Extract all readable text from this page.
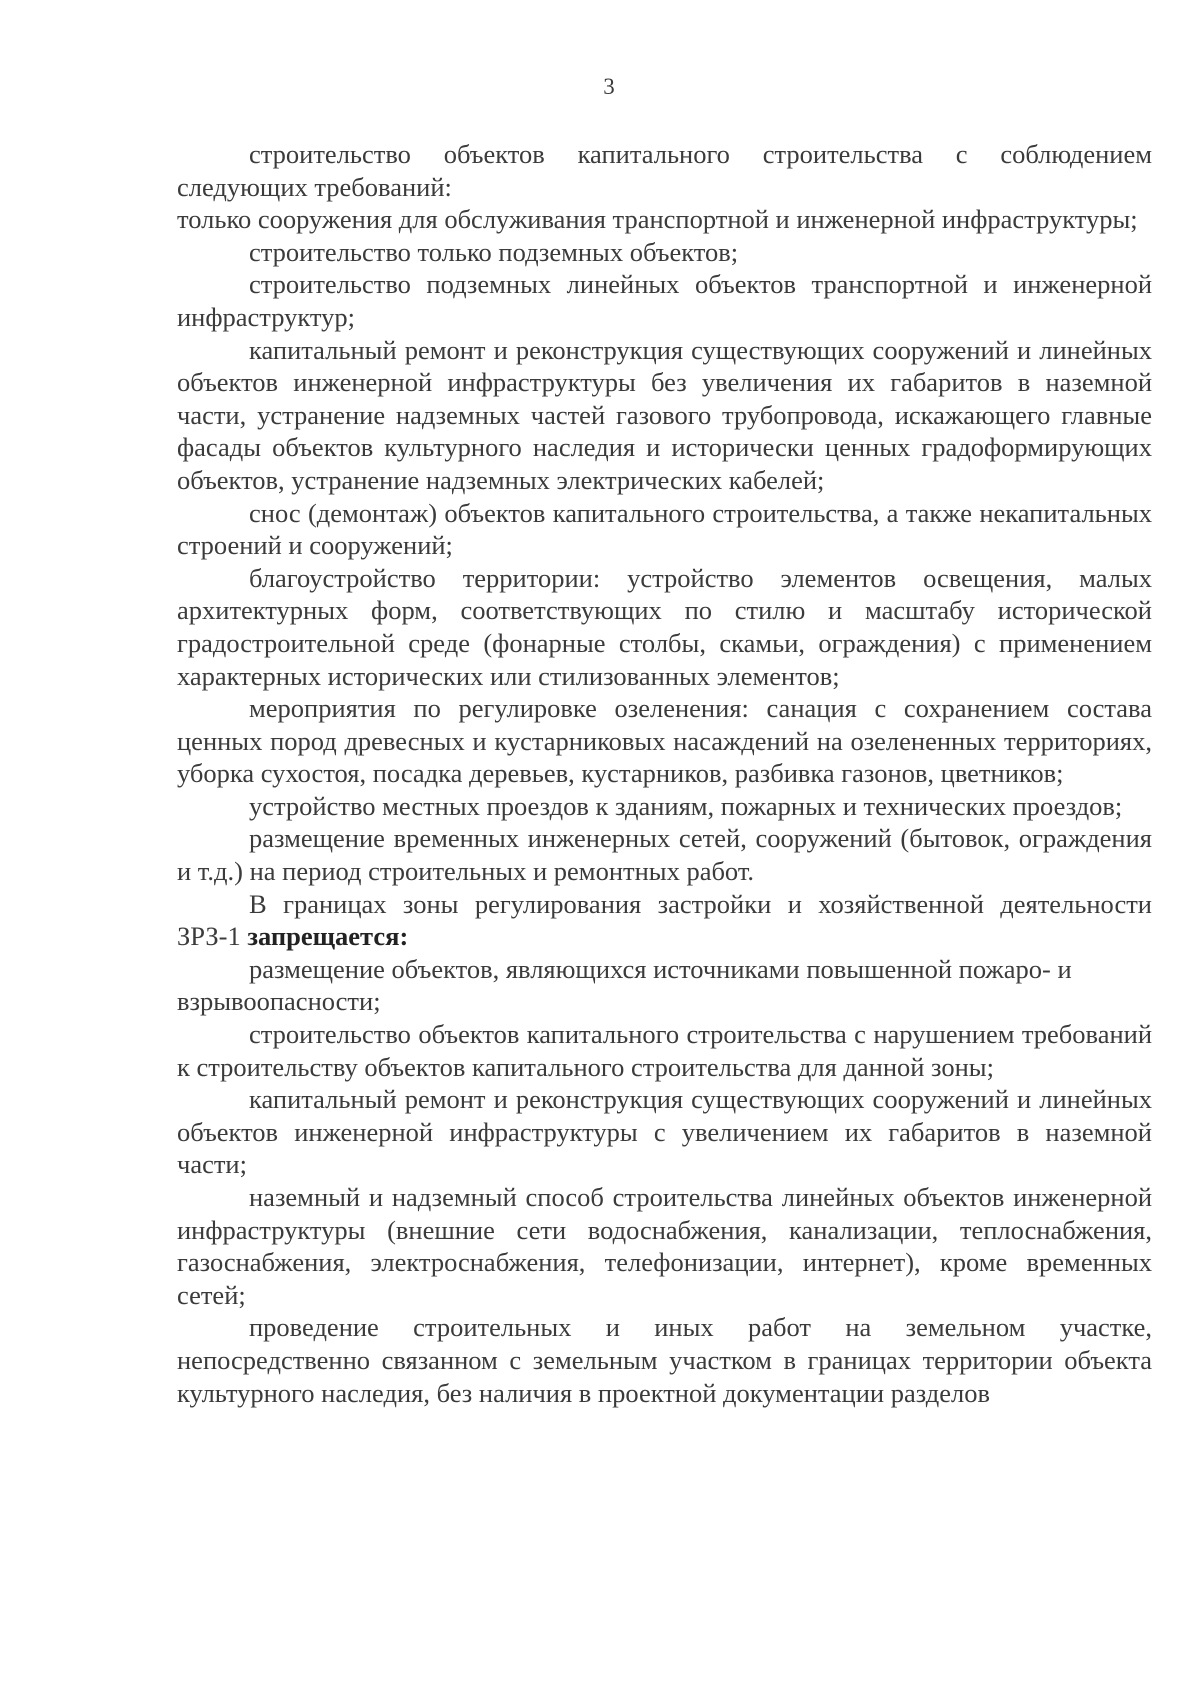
3

строительство объектов капитального строительства с соблюдением следующих требований:

только сооружения для обслуживания транспортной и инженерной инфраструктуры;

строительство только подземных объектов;

строительство подземных линейных объектов транспортной и инженерной инфраструктур;

капитальный ремонт и реконструкция существующих сооружений и линейных объектов инженерной инфраструктуры без увеличения их габаритов в наземной части, устранение надземных частей газового трубопровода, искажающего главные фасады объектов культурного наследия и исторически ценных градоформирующих объектов, устранение надземных электрических кабелей;

снос (демонтаж) объектов капитального строительства, а также некапитальных строений и сооружений;

благоустройство территории: устройство элементов освещения, малых архитектурных форм, соответствующих по стилю и масштабу исторической градостроительной среде (фонарные столбы, скамьи, ограждения) с применением характерных исторических или стилизованных элементов;

мероприятия по регулировке озеленения: санация с сохранением состава ценных пород древесных и кустарниковых насаждений на озелененных территориях, уборка сухостоя, посадка деревьев, кустарников, разбивка газонов, цветников;

устройство местных проездов к зданиям, пожарных и технических проездов;

размещение временных инженерных сетей, сооружений (бытовок, ограждения и т.д.) на период строительных и ремонтных работ.

В границах зоны регулирования застройки и хозяйственной деятельности ЗРЗ-1 запрещается:

размещение объектов, являющихся источниками повышенной пожаро- и взрывоопасности;

строительство объектов капитального строительства с нарушением требований к строительству объектов капитального строительства для данной зоны;

капитальный ремонт и реконструкция существующих сооружений и линейных объектов инженерной инфраструктуры с увеличением их габаритов в наземной части;

наземный и надземный способ строительства линейных объектов инженерной инфраструктуры (внешние сети водоснабжения, канализации, теплоснабжения, газоснабжения, электроснабжения, телефонизации, интернет), кроме временных сетей;

проведение строительных и иных работ на земельном участке, непосредственно связанном с земельным участком в границах территории объекта культурного наследия, без наличия в проектной документации разделов
